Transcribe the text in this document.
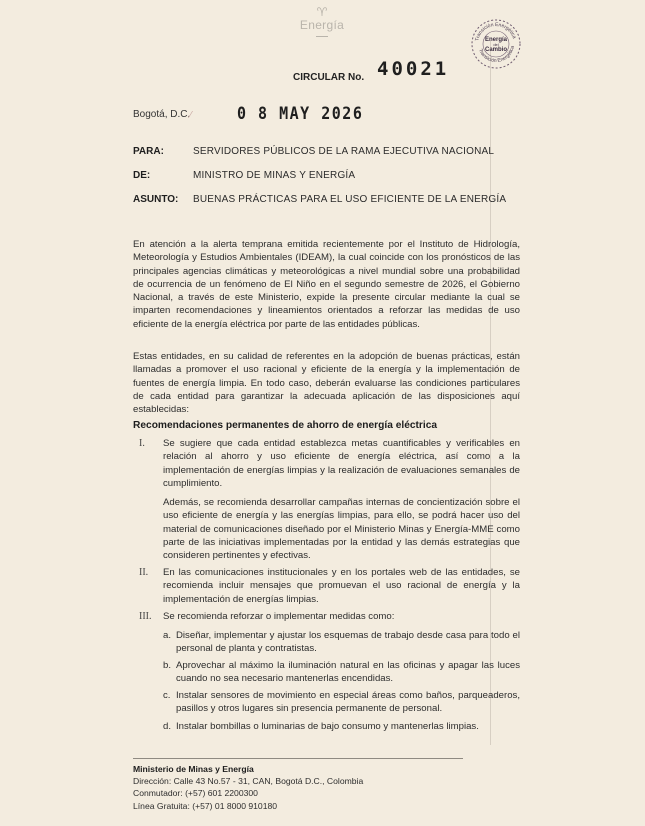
♈
Energía
Transición Energética
Transición Energética
Energía
del
Cambio
CIRCULAR No. 40021
Bogotá, D.C. ⁄	0 8 MAY 2026
PARA:	SERVIDORES PÚBLICOS DE LA RAMA EJECUTIVA NACIONAL
DE:	MINISTRO DE MINAS Y ENERGÍA
ASUNTO: BUENAS PRÁCTICAS PARA EL USO EFICIENTE DE LA ENERGÍA
En atención a la alerta temprana emitida recientemente por el Instituto de Hidrología, Meteorología y Estudios Ambientales (IDEAM), la cual coincide con los pronósticos de las principales agencias climáticas y meteorológicas a nivel mundial sobre una probabilidad de ocurrencia de un fenómeno de El Niño en el segundo semestre de 2026, el Gobierno Nacional, a través de este Ministerio, expide la presente circular mediante la cual se imparten recomendaciones y lineamientos orientados a reforzar las medidas de uso eficiente de la energía eléctrica por parte de las entidades públicas.
Estas entidades, en su calidad de referentes en la adopción de buenas prácticas, están llamadas a promover el uso racional y eficiente de la energía y la implementación de fuentes de energía limpia. En todo caso, deberán evaluarse las condiciones particulares de cada entidad para garantizar la adecuada aplicación de las disposiciones aquí establecidas:
Recomendaciones permanentes de ahorro de energía eléctrica
I.	Se sugiere que cada entidad establezca metas cuantificables y verificables en relación al ahorro y uso eficiente de energía eléctrica, así como a la implementación de energías limpias y la realización de evaluaciones semanales de cumplimiento.
Además, se recomienda desarrollar campañas internas de concientización sobre el uso eficiente de energía y las energías limpias, para ello, se podrá hacer uso del material de comunicaciones diseñado por el Ministerio Minas y Energía-MME como parte de las iniciativas implementadas por la entidad y las demás estrategias que consideren pertinentes y efectivas.
II.	En las comunicaciones institucionales y en los portales web de las entidades, se recomienda incluir mensajes que promuevan el uso racional de energía y la implementación de energías limpias.
III.	Se recomienda reforzar o implementar medidas como:
a. Diseñar, implementar y ajustar los esquemas de trabajo desde casa para todo el personal de planta y contratistas.
b. Aprovechar al máximo la iluminación natural en las oficinas y apagar las luces cuando no sea necesario mantenerlas encendidas.
c. Instalar sensores de movimiento en especial áreas como baños, parqueaderos, pasillos y otros lugares sin presencia permanente de personal.
d. Instalar bombillas o luminarias de bajo consumo y mantenerlas limpias.
Ministerio de Minas y Energía
Dirección: Calle 43 No.57 - 31, CAN, Bogotá D.C., Colombia
Conmutador: (+57) 601 2200300
Línea Gratuita: (+57) 01 8000 910180
